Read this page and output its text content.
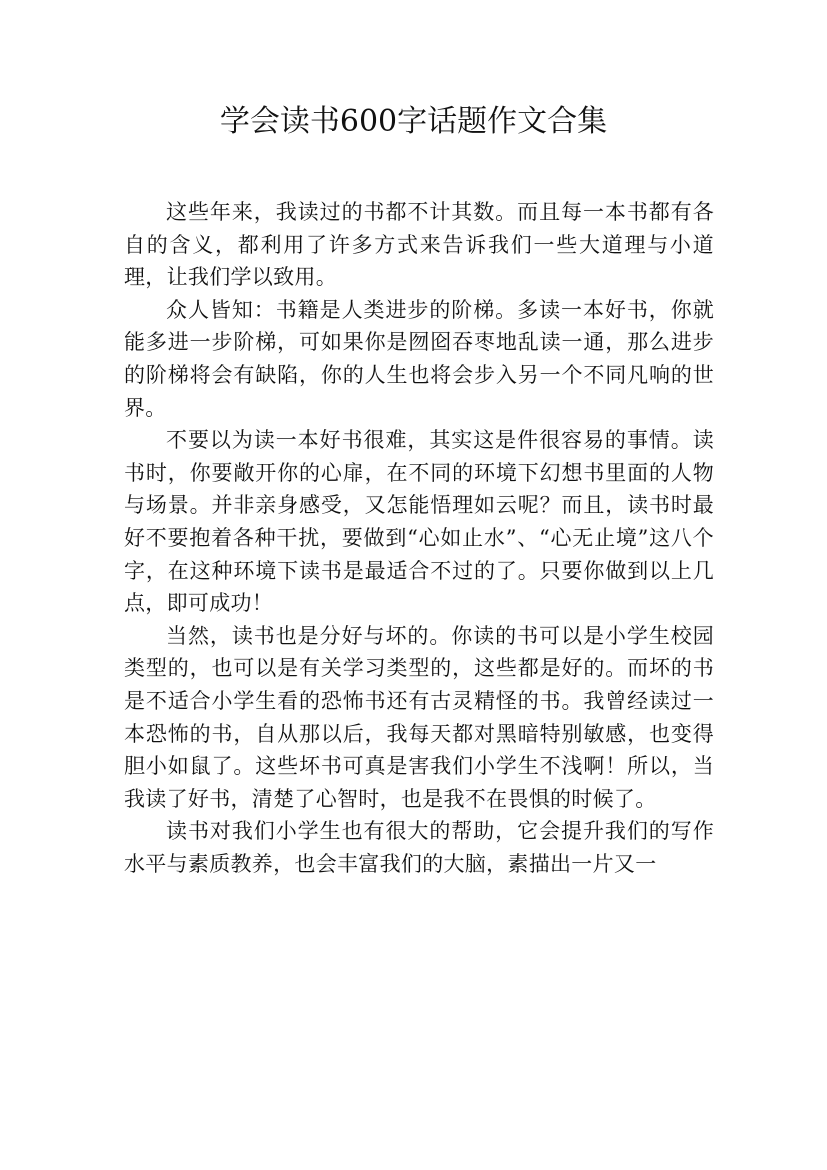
学会读书600字话题作文合集

这些年来，我读过的书都不计其数。而且每一本书都有各自的含义，都利用了许多方式来告诉我们一些大道理与小道理，让我们学以致用。

众人皆知：书籍是人类进步的阶梯。多读一本好书，你就能多进一步阶梯，可如果你是囫囵吞枣地乱读一通，那么进步的阶梯将会有缺陷，你的人生也将会步入另一个不同凡响的世界。

不要以为读一本好书很难，其实这是件很容易的事情。读书时，你要敞开你的心扉，在不同的环境下幻想书里面的人物与场景。并非亲身感受，又怎能悟理如云呢？而且，读书时最好不要抱着各种干扰，要做到“心如止水”、“心无止境”这八个字，在这种环境下读书是最适合不过的了。只要你做到以上几点，即可成功！

当然，读书也是分好与坏的。你读的书可以是小学生校园类型的，也可以是有关学习类型的，这些都是好的。而坏的书是不适合小学生看的恐怖书还有古灵精怪的书。我曾经读过一本恐怖的书，自从那以后，我每天都对黑暗特别敏感，也变得胆小如鼠了。这些坏书可真是害我们小学生不浅啊！所以，当我读了好书，清楚了心智时，也是我不在畏惧的时候了。

读书对我们小学生也有很大的帮助，它会提升我们的写作水平与素质教养，也会丰富我们的大脑，素描出一片又一
